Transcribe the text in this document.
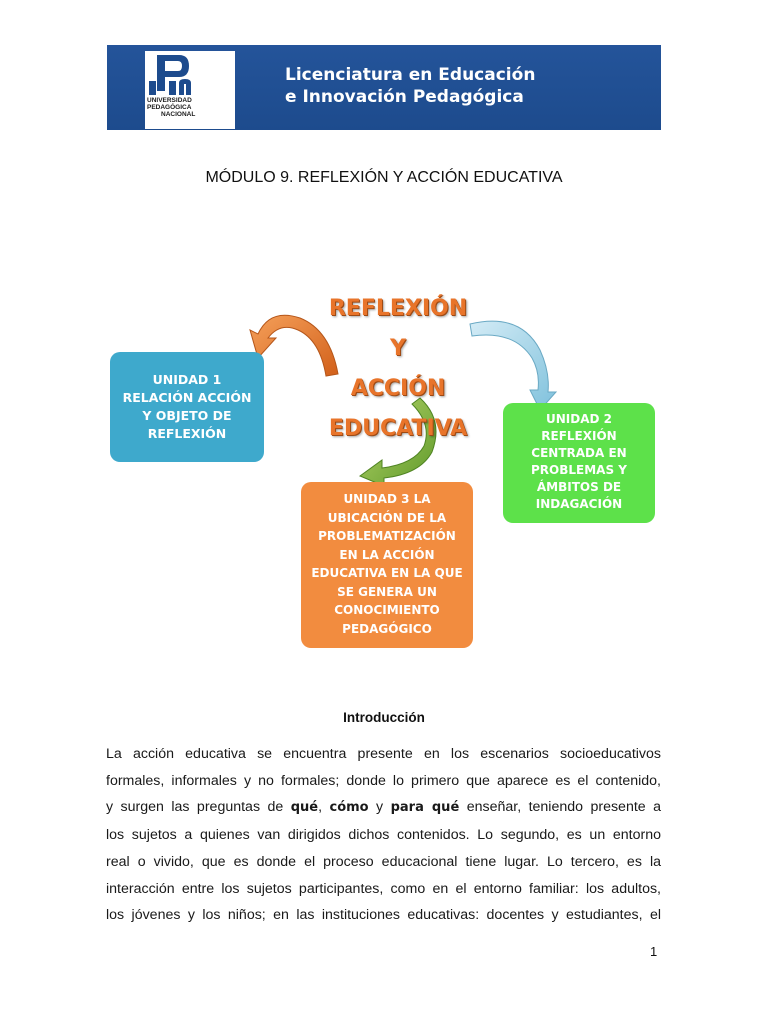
UNIVERSIDAD
PEDAGÓGICA
NACIONAL
Licenciatura en Educación
e Innovación Pedagógica
MÓDULO 9. REFLEXIÓN Y ACCIÓN EDUCATIVA
REFLEXIÓN Y
ACCIÓN
EDUCATIVA
UNIDAD 1
RELACIÓN ACCIÓN
Y OBJETO DE
REFLEXIÓN
UNIDAD 2 REFLEXIÓN
CENTRADA EN
PROBLEMAS Y
ÁMBITOS DE
INDAGACIÓN
UNIDAD 3 LA
UBICACIÓN DE LA
PROBLEMATIZACIÓN
EN LA ACCIÓN
EDUCATIVA EN LA QUE
SE GENERA UN
CONOCIMIENTO
PEDAGÓGICO
Introducción
La acción educativa se encuentra presente en los escenarios socioeducativos
formales, informales y no formales; donde lo primero que aparece es el contenido,
y surgen las preguntas de qué, cómo y para qué enseñar, teniendo presente a
los sujetos a quienes van dirigidos dichos contenidos. Lo segundo, es un entorno
real o vivido, que es donde el proceso educacional tiene lugar. Lo tercero, es la
interacción entre los sujetos participantes, como en el entorno familiar: los adultos,
los jóvenes y los niños; en las instituciones educativas: docentes y estudiantes, el
1
